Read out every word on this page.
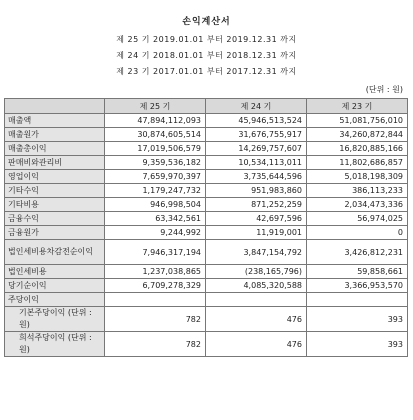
손익계산서
제 25 기 2019.01.01 부터 2019.12.31 까지
제 24 기 2018.01.01 부터 2018.12.31 까지
제 23 기 2017.01.01 부터 2017.12.31 까지
(단위 : 원)
	제 25 기	제 24 기	제 23 기
매출액	47,894,112,093	45,946,513,524	51,081,756,010
매출원가	30,874,605,514	31,676,755,917	34,260,872,844
매출총이익	17,019,506,579	14,269,757,607	16,820,885,166
판매비와관리비	9,359,536,182	10,534,113,011	11,802,686,857
영업이익	7,659,970,397	3,735,644,596	5,018,198,309
기타수익	1,179,247,732	951,983,860	386,113,233
기타비용	946,998,504	871,252,259	2,034,473,336
금융수익	63,342,561	42,697,596	56,974,025
금융원가	9,244,992	11,919,001	0
법인세비용차감전순이익	7,946,317,194	3,847,154,792	3,426,812,231
법인세비용	1,237,038,865	(238,165,796)	59,858,661
당기순이익	6,709,278,329	4,085,320,588	3,366,953,570
주당이익			
기본주당이익 (단위 : 원)	782	476	393
희석주당이익 (단위 : 원)	782	476	393
